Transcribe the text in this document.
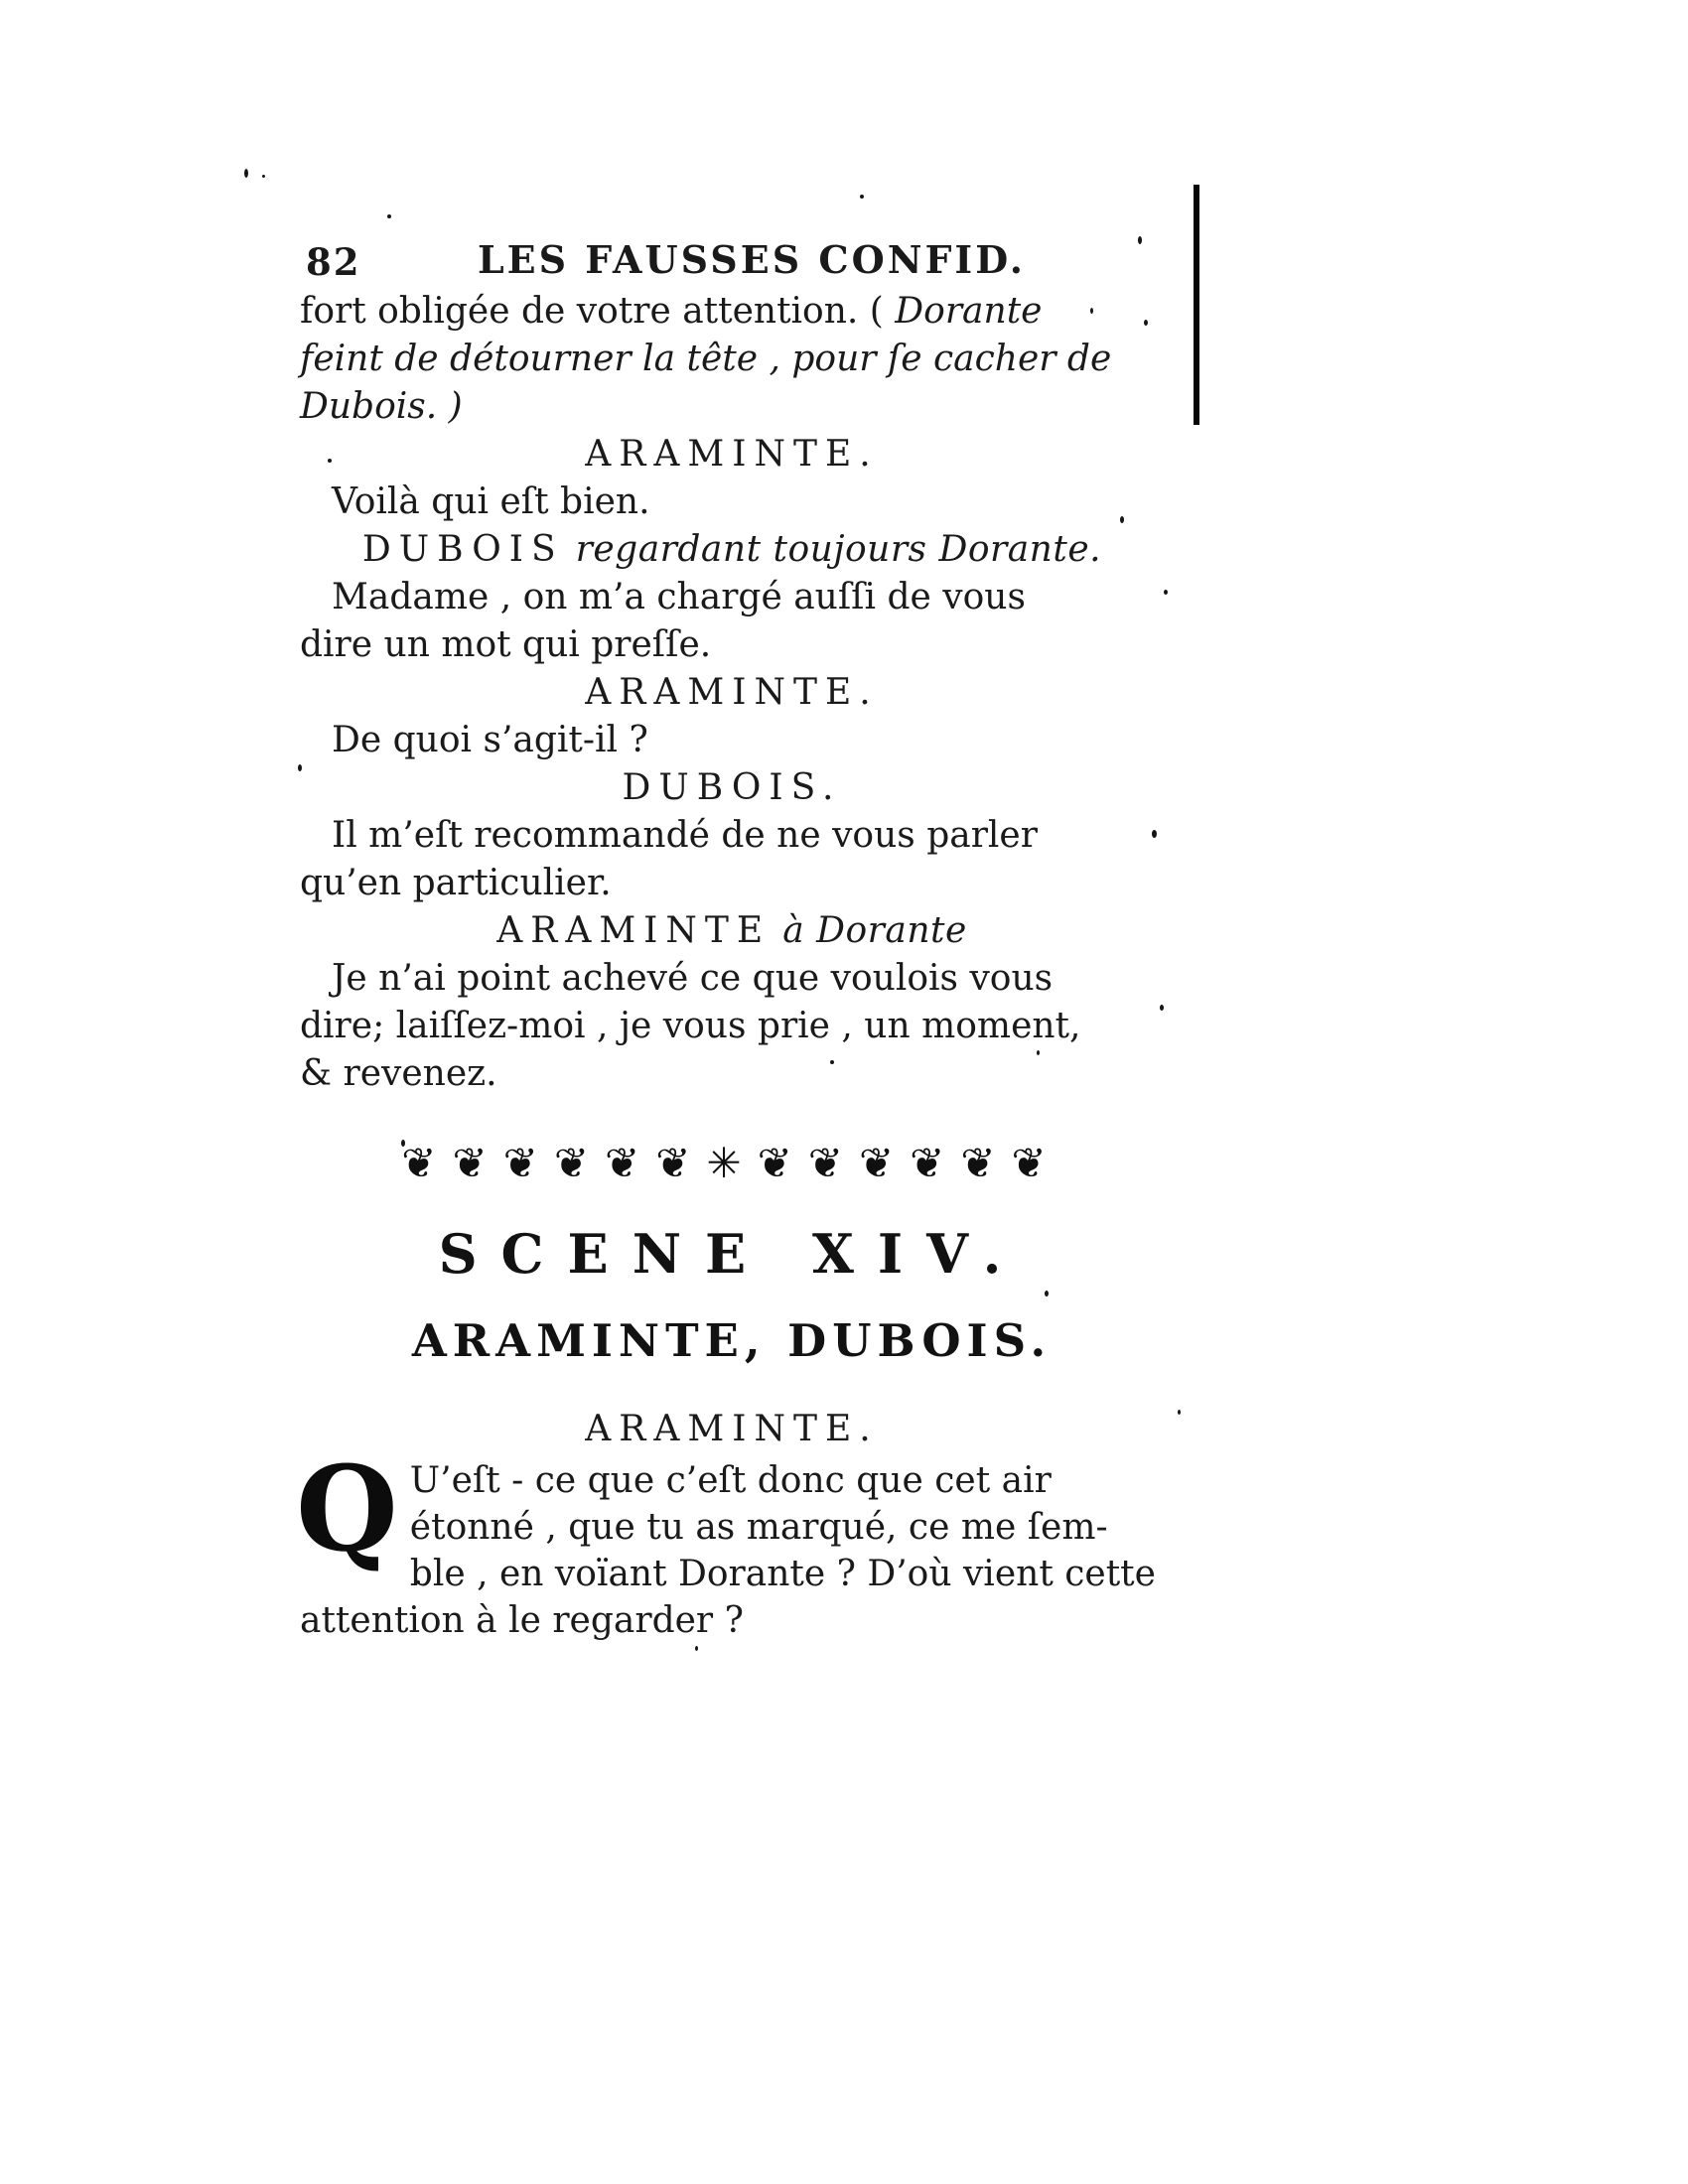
82	LES FAUSSES CONFID.
fort obligée de votre attention. ( Dorante
feint de détourner la tête , pour ſe cacher de
Dubois. )
ARAMINTE.
Voilà qui eſt bien.
DUBOIS regardant toujours Dorante.
Madame , on m’a chargé auſſi de vous
dire un mot qui preſſe.
ARAMINTE.
De quoi s’agit-il ?
DUBOIS.
Il m’eſt recommandé de ne vous parler
qu’en particulier.
ARAMINTE à Dorante
Je n’ai point achevé ce que voulois vous
dire; laiſſez-moi , je vous prie , un moment,
& revenez.
❦❦❦❦❦❦✳❦❦❦❦❦❦
SCENE XIV.
ARAMINTE, DUBOIS.
ARAMINTE.
Q U’eſt - ce que c’eſt donc que cet air
étonné , que tu as marqué, ce me ſem-
ble , en voïant Dorante ? D’où vient cette
attention à le regarder ?
